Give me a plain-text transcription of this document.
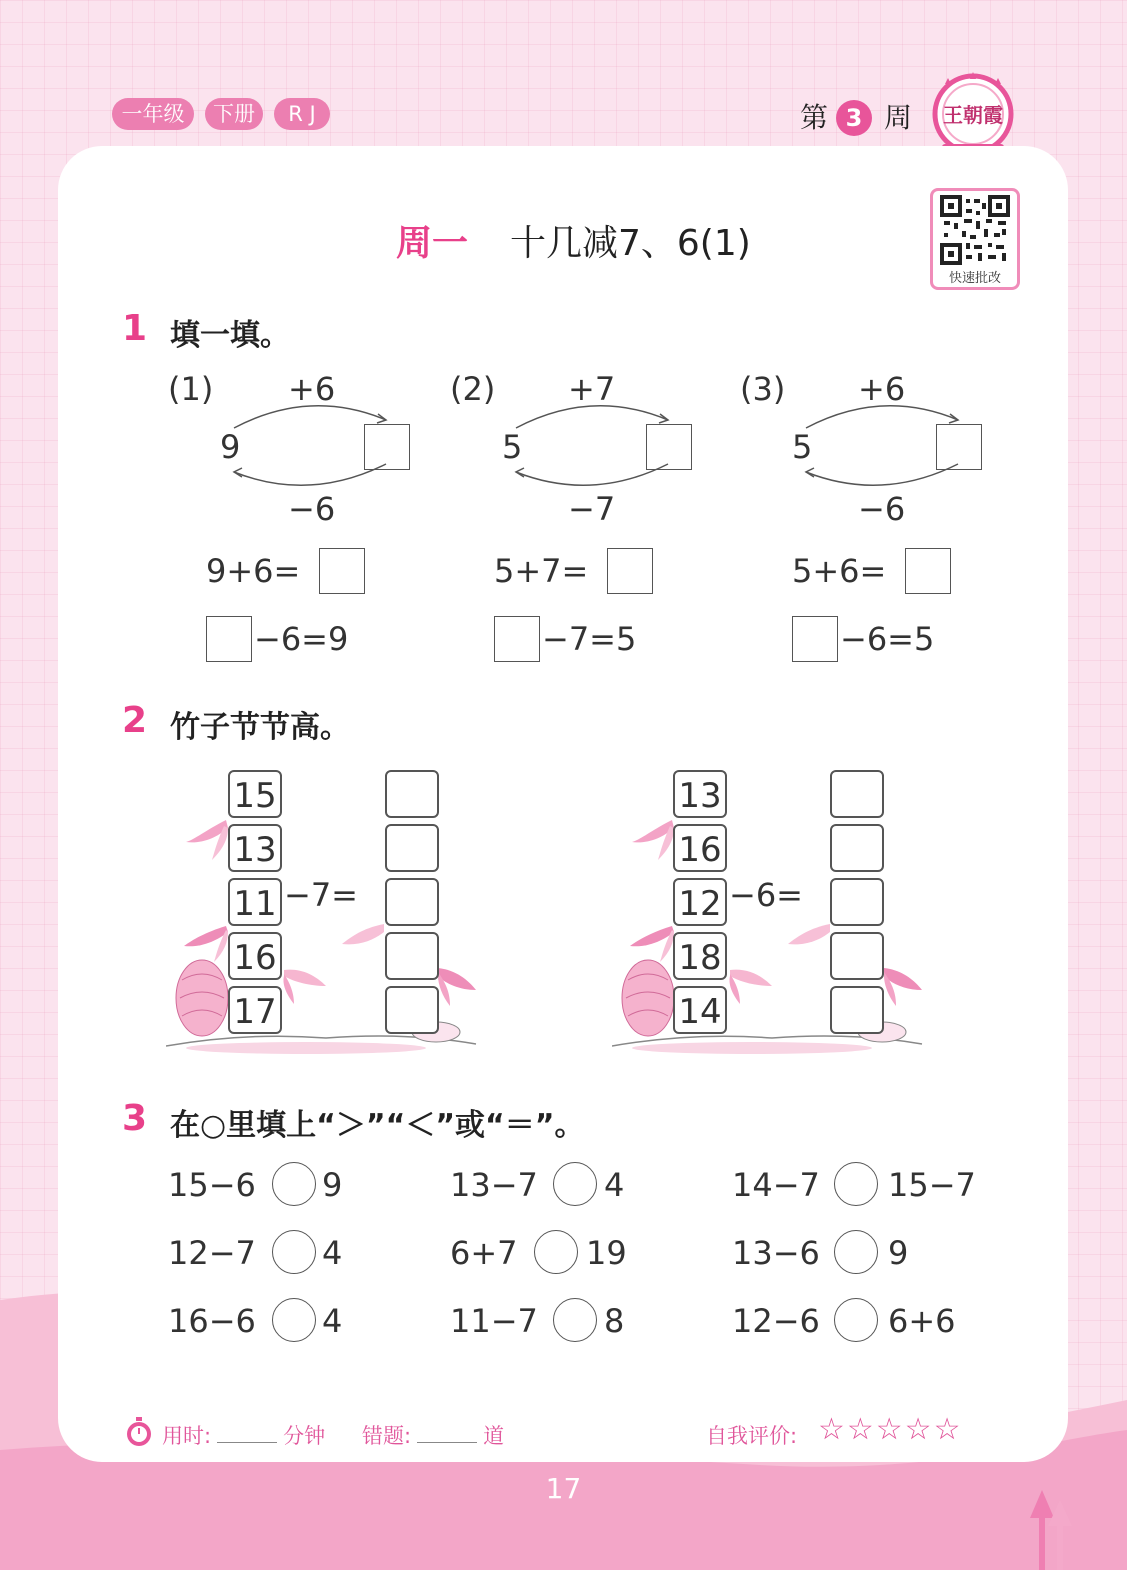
一年级	下册	R J	第 3 周 王朝霞
快速批改
周一 十几减7、6(1)
1 填一填。
(1) +6
9
−6
9+6=
−6=9
(2) +7
5
−7
5+7=
−7=5
(3) +6
5
−6
5+6=
−6=5
2 竹子节节高。
15
13
11
16
17
−7=
13
16
12
18
14
−6=
3 在○里填上“＞”“＜”或“＝”。
15−6 9	13−7 4	14−7 15−7
12−7 4	6+7 19	13−6 9
16−6 4	11−7 8	12−6 6+6
用时:	分钟 错题:	道	自我评价: ☆☆☆☆☆
17
